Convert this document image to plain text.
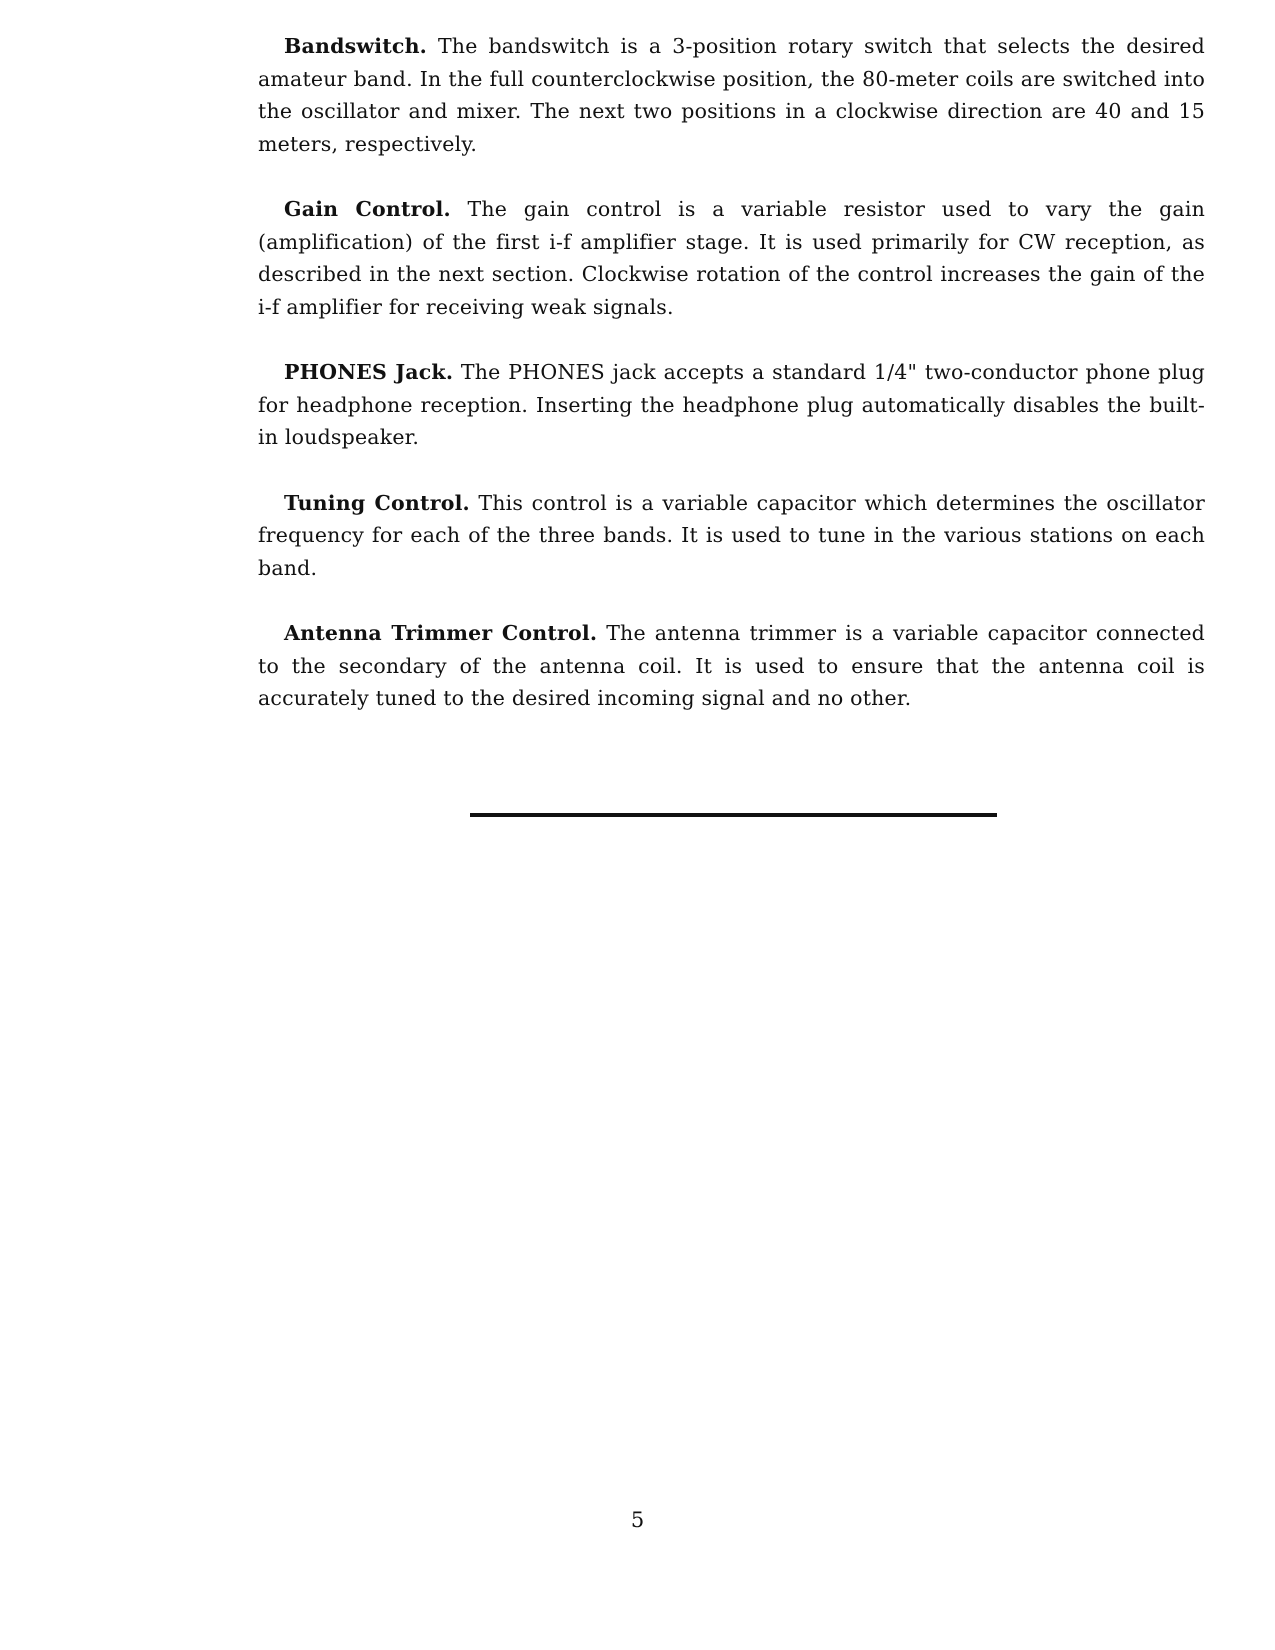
Bandswitch. The bandswitch is a 3-position rotary switch that selects the desired amateur band. In the full counterclockwise position, the 80-meter coils are switched into the oscillator and mixer. The next two positions in a clockwise direction are 40 and 15 meters, respectively.

Gain Control. The gain control is a variable resistor used to vary the gain (amplification) of the first i-f amplifier stage. It is used primarily for CW reception, as described in the next section. Clockwise rotation of the control increases the gain of the i-f amplifier for receiving weak signals.

PHONES Jack. The PHONES jack accepts a standard 1/4" two-conductor phone plug for headphone reception. Inserting the headphone plug automatically disables the built-in loudspeaker.

Tuning Control. This control is a variable capacitor which determines the oscillator frequency for each of the three bands. It is used to tune in the various stations on each band.

Antenna Trimmer Control. The antenna trimmer is a variable capacitor connected to the secondary of the antenna coil. It is used to ensure that the antenna coil is accurately tuned to the desired incoming signal and no other.

5
